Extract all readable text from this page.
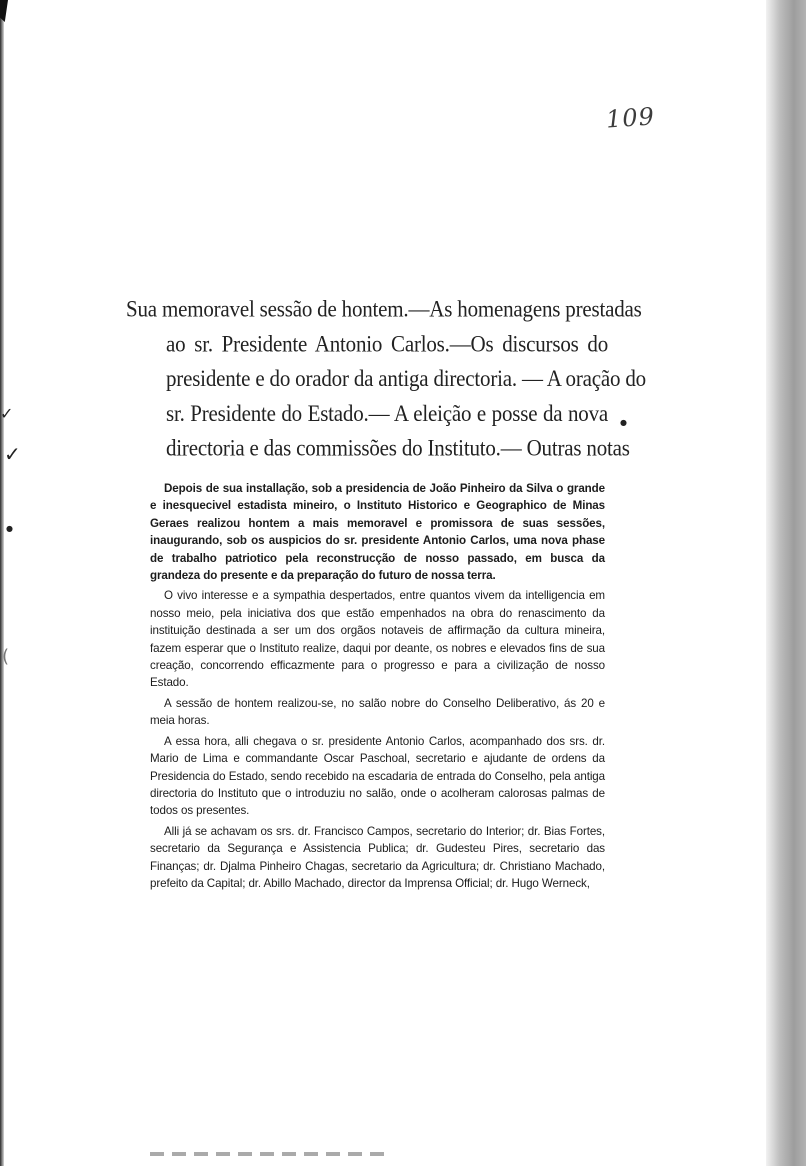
✓
✓
●
(
●
109
Sua memoravel sessão de hontem.—As homenagens prestadas
ao sr. Presidente Antonio Carlos.—Os discursos do
presidente e do orador da antiga directoria. — A oração do
sr. Presidente do Estado.— A eleição e posse da nova
directoria e das commissões do Instituto.— Outras notas

Depois de sua installação, sob a presidencia de João Pinheiro da Silva o grande e inesquecivel estadista mineiro, o Instituto Historico e Geographico de Minas Geraes realizou hontem a mais memoravel e promissora de suas sessões, inaugurando, sob os auspicios do sr. presidente Antonio Carlos, uma nova phase de trabalho patriotico pela reconstrucção de nosso passado, em busca da grandeza do presente e da preparação do futuro de nossa terra.

O vivo interesse e a sympathia despertados, entre quantos vivem da intelligencia em nosso meio, pela iniciativa dos que estão empenhados na obra do renascimento da instituição destinada a ser um dos orgãos notaveis de affirmação da cultura mineira, fazem esperar que o Instituto realize, daqui por deante, os nobres e elevados fins de sua creação, concorrendo efficazmente para o progresso e para a civilização de nosso Estado.

A sessão de hontem realizou-se, no salão nobre do Conselho Deliberativo, ás 20 e meia horas.

A essa hora, alli chegava o sr. presidente Antonio Carlos, acompanhado dos srs. dr. Mario de Lima e commandante Oscar Paschoal, secretario e ajudante de ordens da Presidencia do Estado, sendo recebido na escadaria de entrada do Conselho, pela antiga directoria do Instituto que o introduziu no salão, onde o acolheram calorosas palmas de todos os presentes.

Alli já se achavam os srs. dr. Francisco Campos, secretario do Interior; dr. Bias Fortes, secretario da Segurança e Assistencia Publica; dr. Gudesteu Pires, secretario das Finanças; dr. Djalma Pinheiro Chagas, secretario da Agricultura; dr. Christiano Machado, prefeito da Capital; dr. Abillo Machado, director da Imprensa Official; dr. Hugo Werneck,
